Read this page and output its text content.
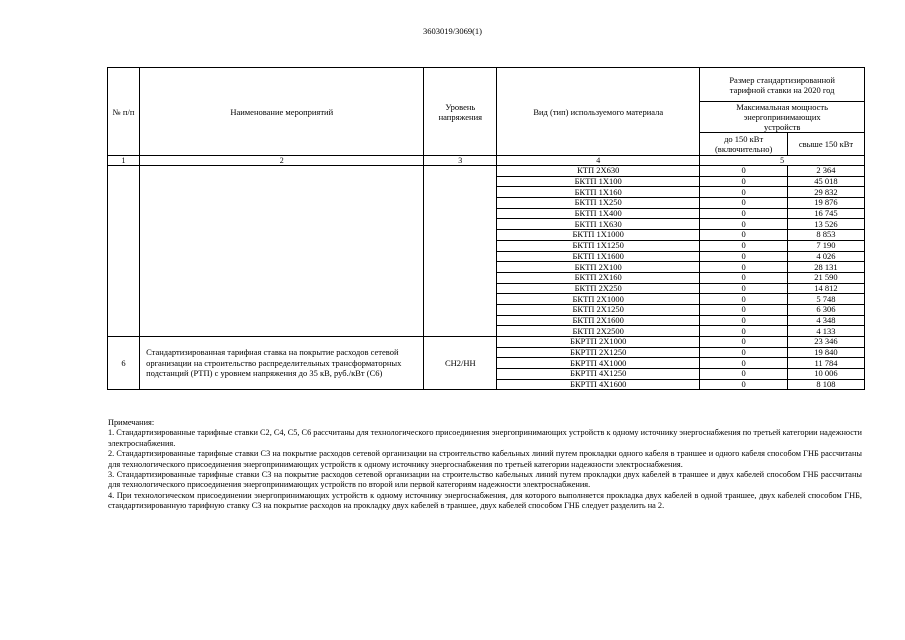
3603019/3069(1)
№ п/п	Наименование мероприятий	Уровень напряжения	Вид (тип) используемого материала	Размер стандартизированной тарифной ставки на 2020 год	
				Максимальная мощность энергопринимающих устройств	
				до 150 кВт (включительно)	свыше 150 кВт
1	2	3	4	5	
			КТП 2Х630	0	2 364
			БКТП 1Х100	0	45 018
			БКТП 1Х160	0	29 832
			БКТП 1Х250	0	19 876
			БКТП 1Х400	0	16 745
			БКТП 1Х630	0	13 526
			БКТП 1Х1000	0	8 853
			БКТП 1Х1250	0	7 190
			БКТП 1Х1600	0	4 026
			БКТП 2Х100	0	28 131
			БКТП 2Х160	0	21 590
			БКТП 2Х250	0	14 812
			БКТП 2Х1000	0	5 748
			БКТП 2Х1250	0	6 306
			БКТП 2Х1600	0	4 348
			БКТП 2Х2500	0	4 133
6	Стандартизированная тарифная ставка на покрытие расходов сетевой организации на строительство распределительных трансформаторных подстанций (РТП) с уровнем напряжения до 35 кВ, руб./кВт (С6)	СН2/НН	БКРТП 2Х1000	0	23 346
			БКРТП 2Х1250	0	19 840
			БКРТП 4Х1000	0	11 784
			БКРТП 4Х1250	0	10 006
			БКРТП 4Х1600	0	8 108

Примечания:

1. Стандартизированные тарифные ставки С2, С4, С5, С6 рассчитаны для технологического присоединения энергопринимающих устройств к одному источнику энергоснабжения по третьей категории надежности электроснабжения.

2. Стандартизированные тарифные ставки С3 на покрытие расходов сетевой организации на строительство кабельных линий путем прокладки одного кабеля в траншее и одного кабеля способом ГНБ рассчитаны для технологического присоединения энергопринимающих устройств к одному источнику энергоснабжения по третьей категории надежности электроснабжения.

3. Стандартизированные тарифные ставки С3 на покрытие расходов сетевой организации на строительство кабельных линий путем прокладки двух кабелей в траншее и двух кабелей способом ГНБ рассчитаны для технологического присоединения энергопринимающих устройств по второй или первой категориям надежности электроснабжения.

4. При технологическом присоединении энергопринимающих устройств к одному источнику энергоснабжения, для которого выполняется прокладка двух кабелей в одной траншее, двух кабелей способом ГНБ, стандартизированную тарифную ставку С3 на покрытие расходов на прокладку двух кабелей в траншее, двух кабелей способом ГНБ следует разделить на 2.
